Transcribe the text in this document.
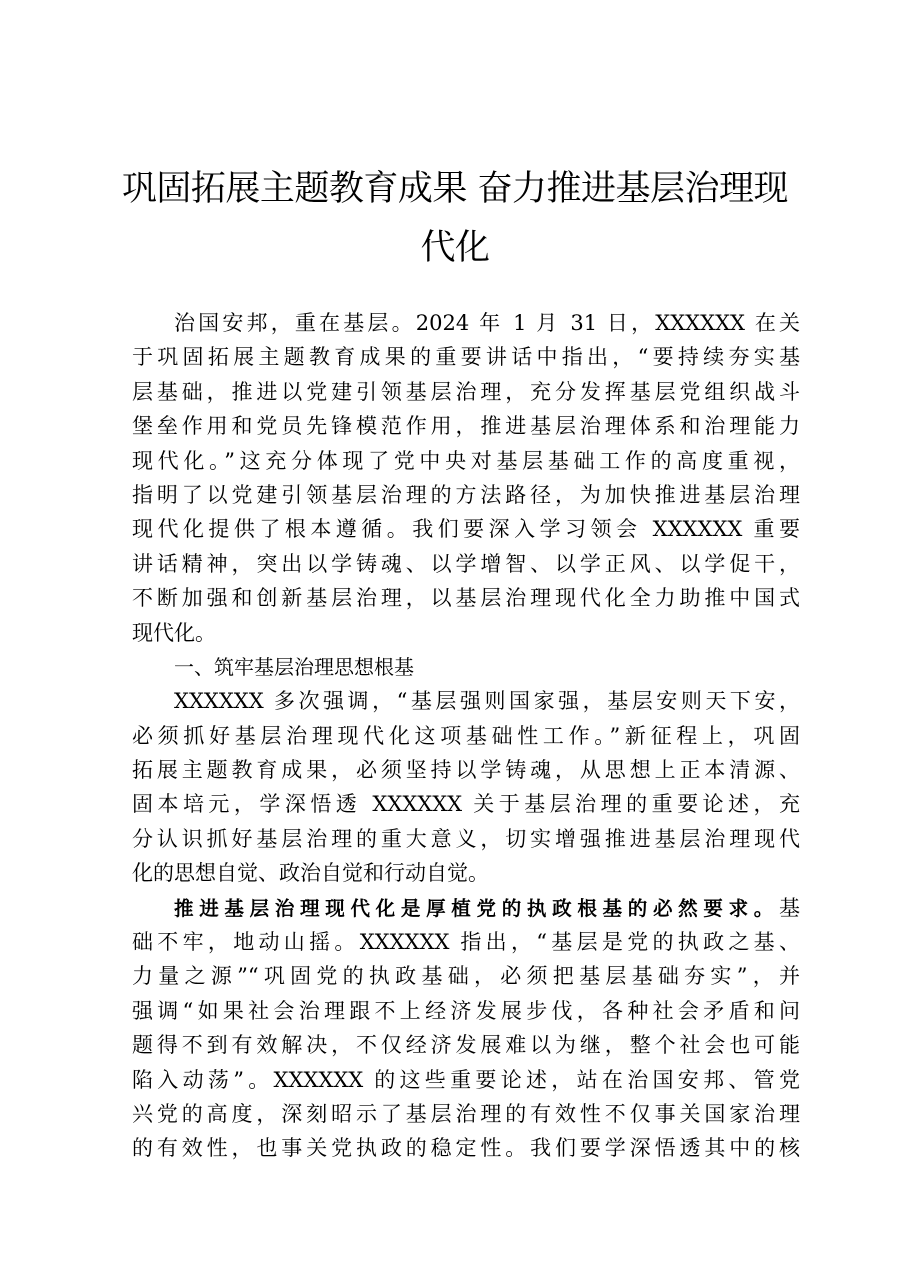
巩固拓展主题教育成果 奋力推进基层治理现
代化
治国安邦，重在基层。2024 年 1 月 31 日，XXXXXX 在关
于巩固拓展主题教育成果的重要讲话中指出，“要持续夯实基
层基础，推进以党建引领基层治理，充分发挥基层党组织战斗
堡垒作用和党员先锋模范作用，推进基层治理体系和治理能力
现代化。”这充分体现了党中央对基层基础工作的高度重视，
指明了以党建引领基层治理的方法路径，为加快推进基层治理
现代化提供了根本遵循。我们要深入学习领会 XXXXXX 重要
讲话精神，突出以学铸魂、以学增智、以学正风、以学促干，
不断加强和创新基层治理，以基层治理现代化全力助推中国式
现代化。
一、筑牢基层治理思想根基
XXXXXX 多次强调，“基层强则国家强，基层安则天下安，
必须抓好基层治理现代化这项基础性工作。”新征程上，巩固
拓展主题教育成果，必须坚持以学铸魂，从思想上正本清源、
固本培元，学深悟透 XXXXXX 关于基层治理的重要论述，充
分认识抓好基层治理的重大意义，切实增强推进基层治理现代
化的思想自觉、政治自觉和行动自觉。
推进基层治理现代化是厚植党的执政根基的必然要求。基
础不牢，地动山摇。XXXXXX 指出，“基层是党的执政之基、
力量之源”“巩固党的执政基础，必须把基层基础夯实”，并
强调“如果社会治理跟不上经济发展步伐，各种社会矛盾和问
题得不到有效解决，不仅经济发展难以为继，整个社会也可能
陷入动荡”。XXXXXX 的这些重要论述，站在治国安邦、管党
兴党的高度，深刻昭示了基层治理的有效性不仅事关国家治理
的有效性，也事关党执政的稳定性。我们要学深悟透其中的核
